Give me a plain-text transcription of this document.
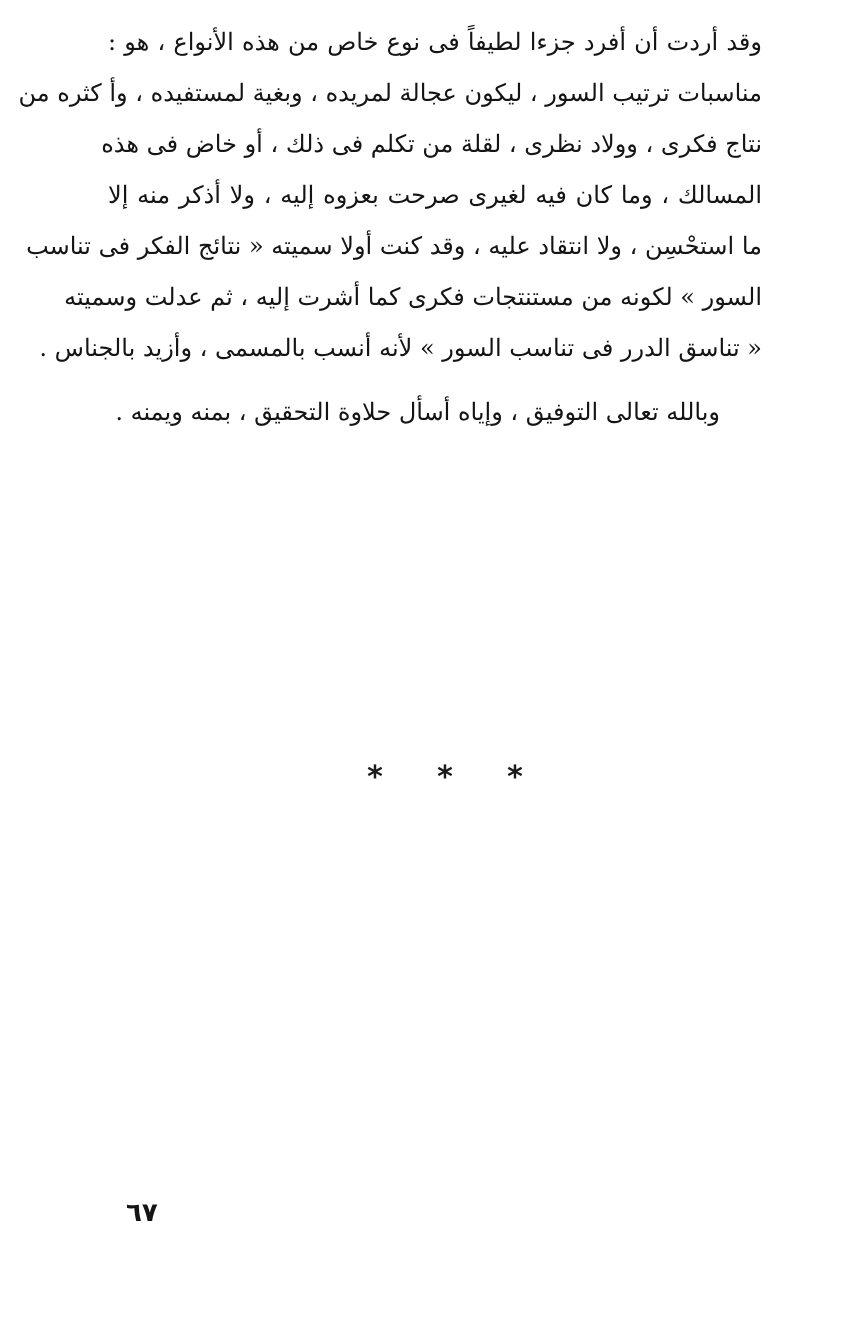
وقد أردت أن أفرد جزءا لطيفاً فى نوع خاص من هذه الأنواع ، هو :
مناسبات ترتيب السور ، ليكون عجالة لمريده ، وبغية لمستفيده ، وأ كثره من
نتاج فكرى ، وولاد نظرى ، لقلة من تكلم فى ذلك ، أو خاض فى هذه
المسالك ، وما كان فيه لغيرى صرحت بعزوه إليه ، ولا أذكر منه إلا
ما استحْسِن ، ولا انتقاد عليه ، وقد كنت أولا سميته « نتائج الفكر فى تناسب
السور » لكونه من مستنتجات فكرى كما أشرت إليه ، ثم عدلت وسميته
« تناسق الدرر فى تناسب السور » لأنه أنسب بالمسمى ، وأزيد بالجناس .
وبالله تعالى التوفيق ، وإياه أسأل حلاوة التحقيق ، بمنه ويمنه .
*	*	*
٦٧
